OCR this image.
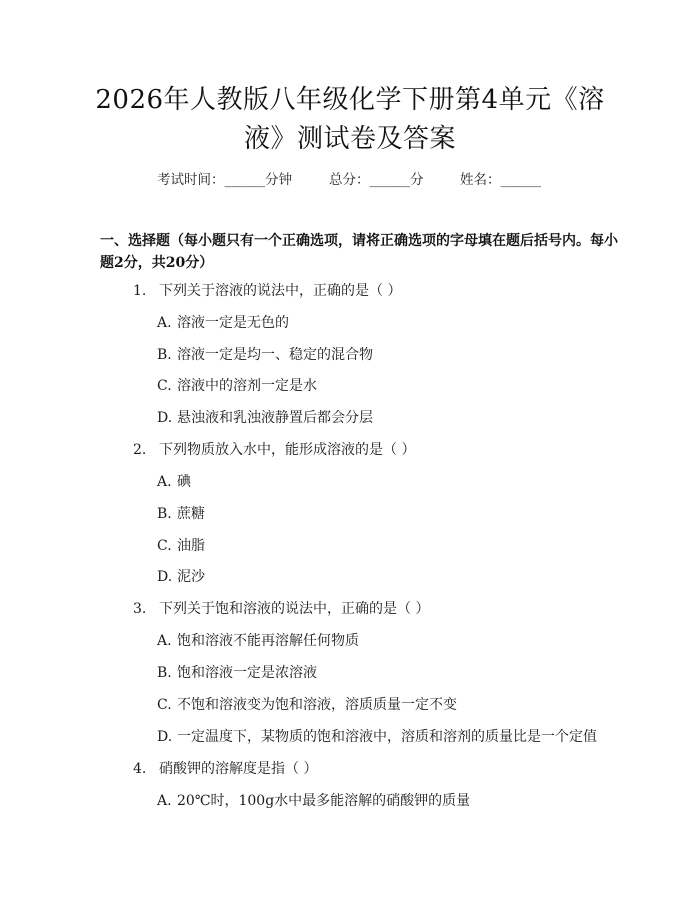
2026年人教版八年级化学下册第4单元《溶
液》测试卷及答案
考试时间：______分钟	总分：______分	姓名：______
一、选择题（每小题只有一个正确选项，请将正确选项的字母填在题后括号内。每小题2分，共20分）
1. 下列关于溶液的说法中，正确的是（ ）
A. 溶液一定是无色的
B. 溶液一定是均一、稳定的混合物
C. 溶液中的溶剂一定是水
D. 悬浊液和乳浊液静置后都会分层
2. 下列物质放入水中，能形成溶液的是（ ）
A. 碘
B. 蔗糖
C. 油脂
D. 泥沙
3. 下列关于饱和溶液的说法中，正确的是（ ）
A. 饱和溶液不能再溶解任何物质
B. 饱和溶液一定是浓溶液
C. 不饱和溶液变为饱和溶液，溶质质量一定不变
D. 一定温度下，某物质的饱和溶液中，溶质和溶剂的质量比是一个定值
4. 硝酸钾的溶解度是指（ ）
A. 20℃时，100g水中最多能溶解的硝酸钾的质量
